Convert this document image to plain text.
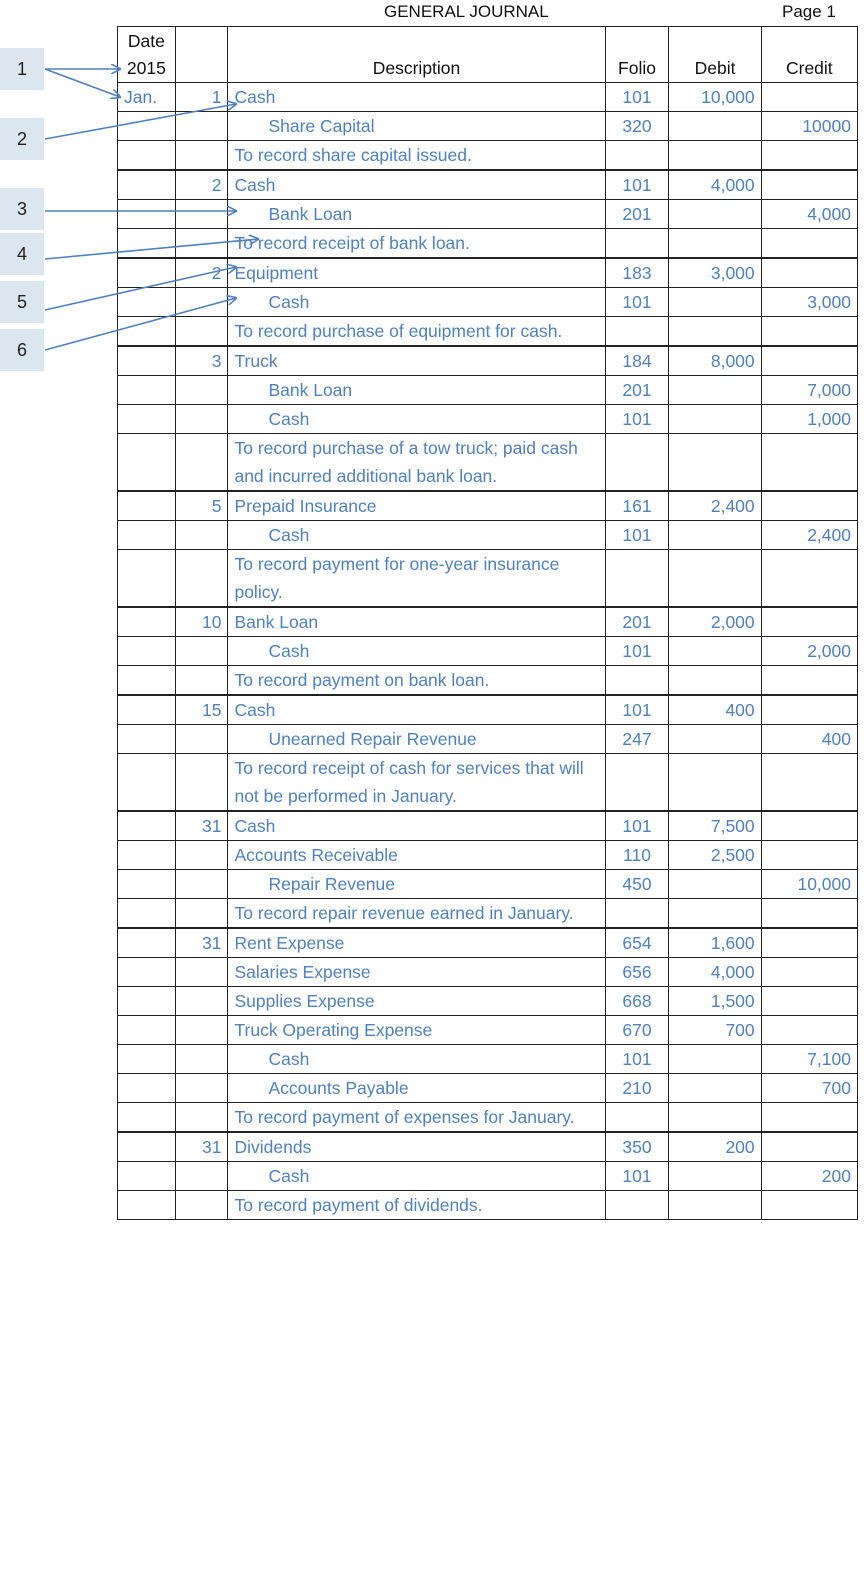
GENERAL JOURNAL	Page 1
Date
2015		Description	Folio	Debit	Credit
Jan.	1	Cash	101	10,000	
		Share Capital	320		10000
		To record share capital issued.			

	2	Cash	101	4,000	
		Bank Loan	201		4,000
		To record receipt of bank loan.			

	2	Equipment	183	3,000	
		Cash	101		3,000
		To record purchase of equipment for cash.			

	3	Truck	184	8,000	
		Bank Loan	201		7,000
		Cash	101		1,000
		To record purchase of a tow truck; paid cash and incurred additional bank loan.			

	5	Prepaid Insurance	161	2,400	
		Cash	101		2,400
		To record payment for one-year insurance policy.			

	10	Bank Loan	201	2,000	
		Cash	101		2,000
		To record payment on bank loan.			

	15	Cash	101	400	
		Unearned Repair Revenue	247		400
		To record receipt of cash for services that will not be performed in January.			

	31	Cash	101	7,500	
		Accounts Receivable	110	2,500	
		Repair Revenue	450		10,000
		To record repair revenue earned in January.			

	31	Rent Expense	654	1,600	
		Salaries Expense	656	4,000	
		Supplies Expense	668	1,500	
		Truck Operating Expense	670	700	
		Cash	101		7,100
		Accounts Payable	210		700
		To record payment of expenses for January.			

	31	Dividends	350	200	
		Cash	101		200
		To record payment of dividends.			
1
2
3
4
5
6
